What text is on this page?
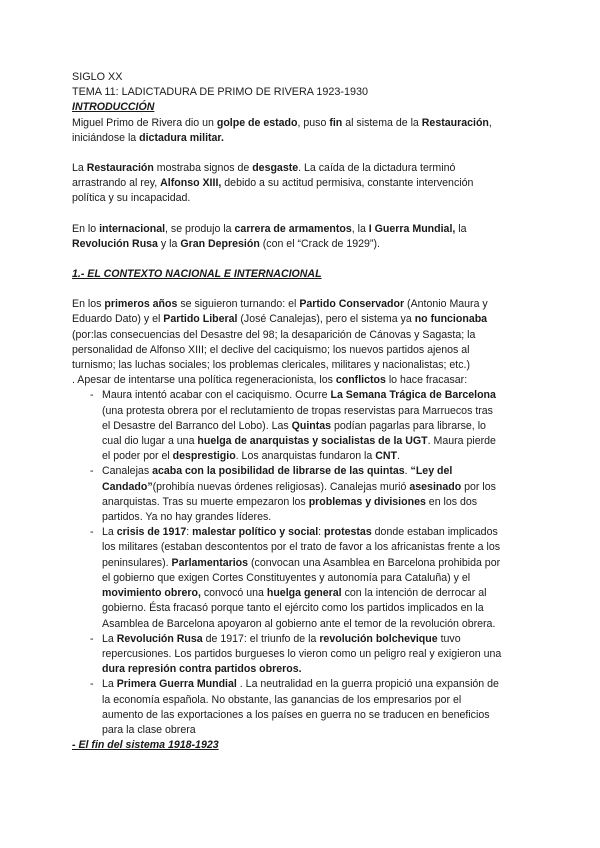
SIGLO XX
TEMA 11: LADICTADURA DE PRIMO DE RIVERA 1923-1930
INTRODUCCIÓN
Miguel Primo de Rivera dio un golpe de estado, puso fin al sistema de la Restauración,
iniciándose la dictadura militar.
La Restauración mostraba signos de desgaste. La caída de la dictadura terminó
arrastrando al rey, Alfonso XIII, debido a su actitud permisiva, constante intervención
política y su incapacidad.
En lo internacional, se produjo la carrera de armamentos, la I Guerra Mundial, la
Revolución Rusa y la Gran Depresión (con el “Crack de 1929”).
1.- EL CONTEXTO NACIONAL E INTERNACIONAL
En los primeros años se siguieron turnando: el Partido Conservador (Antonio Maura y
Eduardo Dato) y el Partido Liberal (José Canalejas), pero el sistema ya no funcionaba
(por:las consecuencias del Desastre del 98; la desaparición de Cánovas y Sagasta; la
personalidad de Alfonso XIII; el declive del caciquismo; los nuevos partidos ajenos al
turnismo; las luchas sociales; los problemas clericales, militares y nacionalistas; etc.)
. Apesar de intentarse una política regeneracionista, los conflictos lo hace fracasar:
- Maura intentó acabar con el caciquismo. Ocurre La Semana Trágica de Barcelona
(una protesta obrera por el reclutamiento de tropas reservistas para Marruecos tras
el Desastre del Barranco del Lobo). Las Quintas podían pagarlas para librarse, lo
cual dio lugar a una huelga de anarquistas y socialistas de la UGT. Maura pierde
el poder por el desprestigio. Los anarquistas fundaron la CNT.
- Canalejas acaba con la posibilidad de librarse de las quintas. “Ley del
Candado”(prohibía nuevas órdenes religiosas). Canalejas murió asesinado por los
anarquistas. Tras su muerte empezaron los problemas y divisiones en los dos
partidos. Ya no hay grandes líderes.
- La crisis de 1917: malestar político y social: protestas donde estaban implicados
los militares (estaban descontentos por el trato de favor a los africanistas frente a los
peninsulares). Parlamentarios (convocan una Asamblea en Barcelona prohibida por
el gobierno que exigen Cortes Constituyentes y autonomía para Cataluña) y el
movimiento obrero, convocó una huelga general con la intención de derrocar al
gobierno. Ésta fracasó porque tanto el ejército como los partidos implicados en la
Asamblea de Barcelona apoyaron al gobierno ante el temor de la revolución obrera.
- La Revolución Rusa de 1917: el triunfo de la revolución bolchevique tuvo
repercusiones. Los partidos burgueses lo vieron como un peligro real y exigieron una
dura represión contra partidos obreros.
- La Primera Guerra Mundial . La neutralidad en la guerra propició una expansión de
la economía española. No obstante, las ganancias de los empresarios por el
aumento de las exportaciones a los países en guerra no se traducen en beneficios
para la clase obrera
- El fin del sistema 1918-1923
